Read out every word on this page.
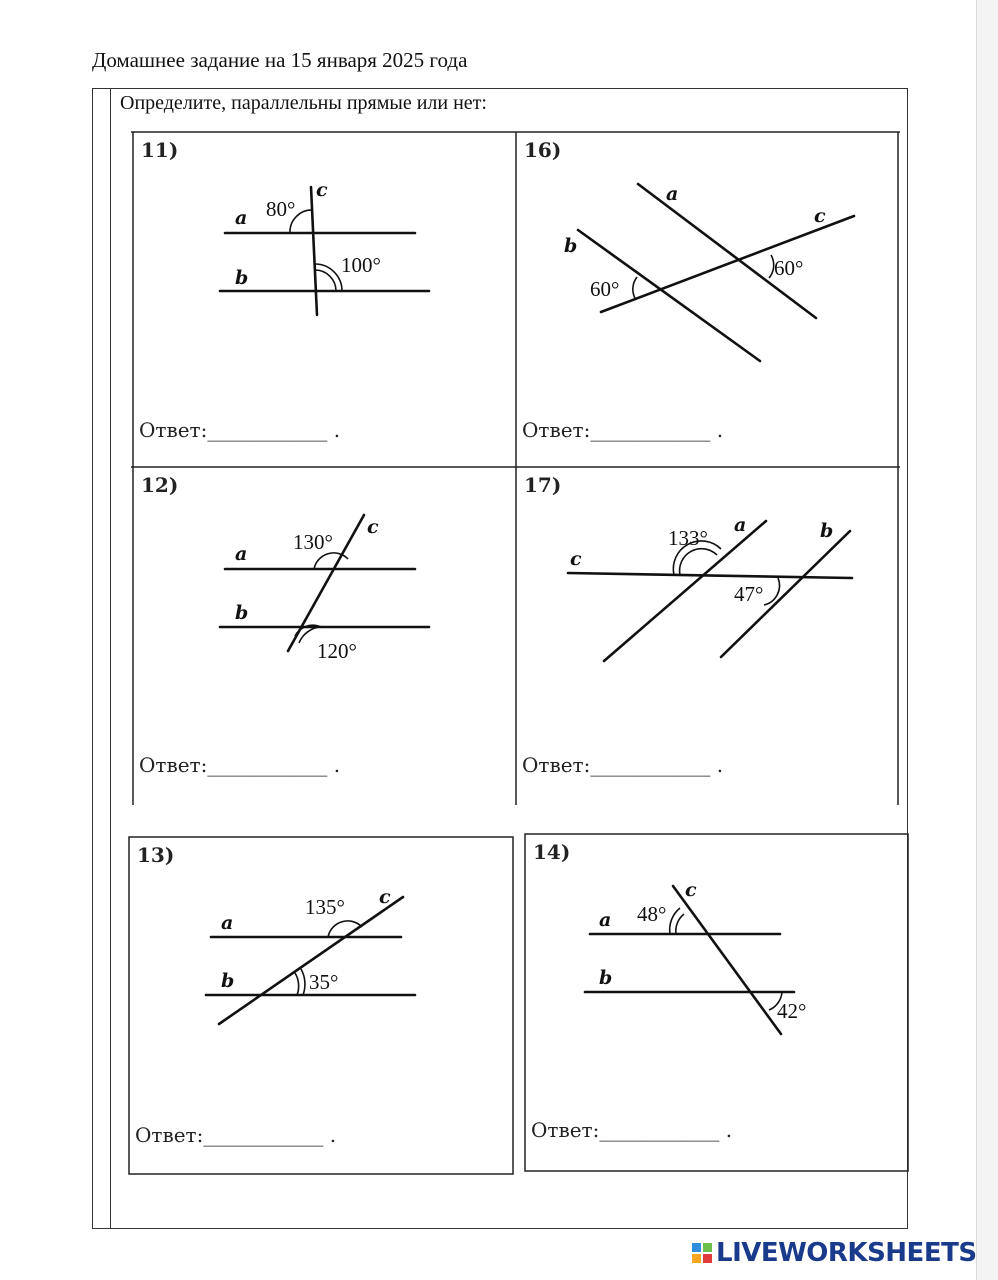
Домашнее задание на 15 января 2025 года
Определите, параллельны прямые или нет:
11)
a
b
c
80°
100°
Ответ:____________ .
16)
a
b
c
60°
60°
Ответ:____________ .
12)
a
b
c
130°
120°
Ответ:____________ .
17)
a	b
c
133°
47°
Ответ:____________ .
13)
a
b
c
135°
35°
Ответ:____________ .
14)
a
b
c
48°
42°
Ответ:____________ .
LIVEWORKSHEETS
